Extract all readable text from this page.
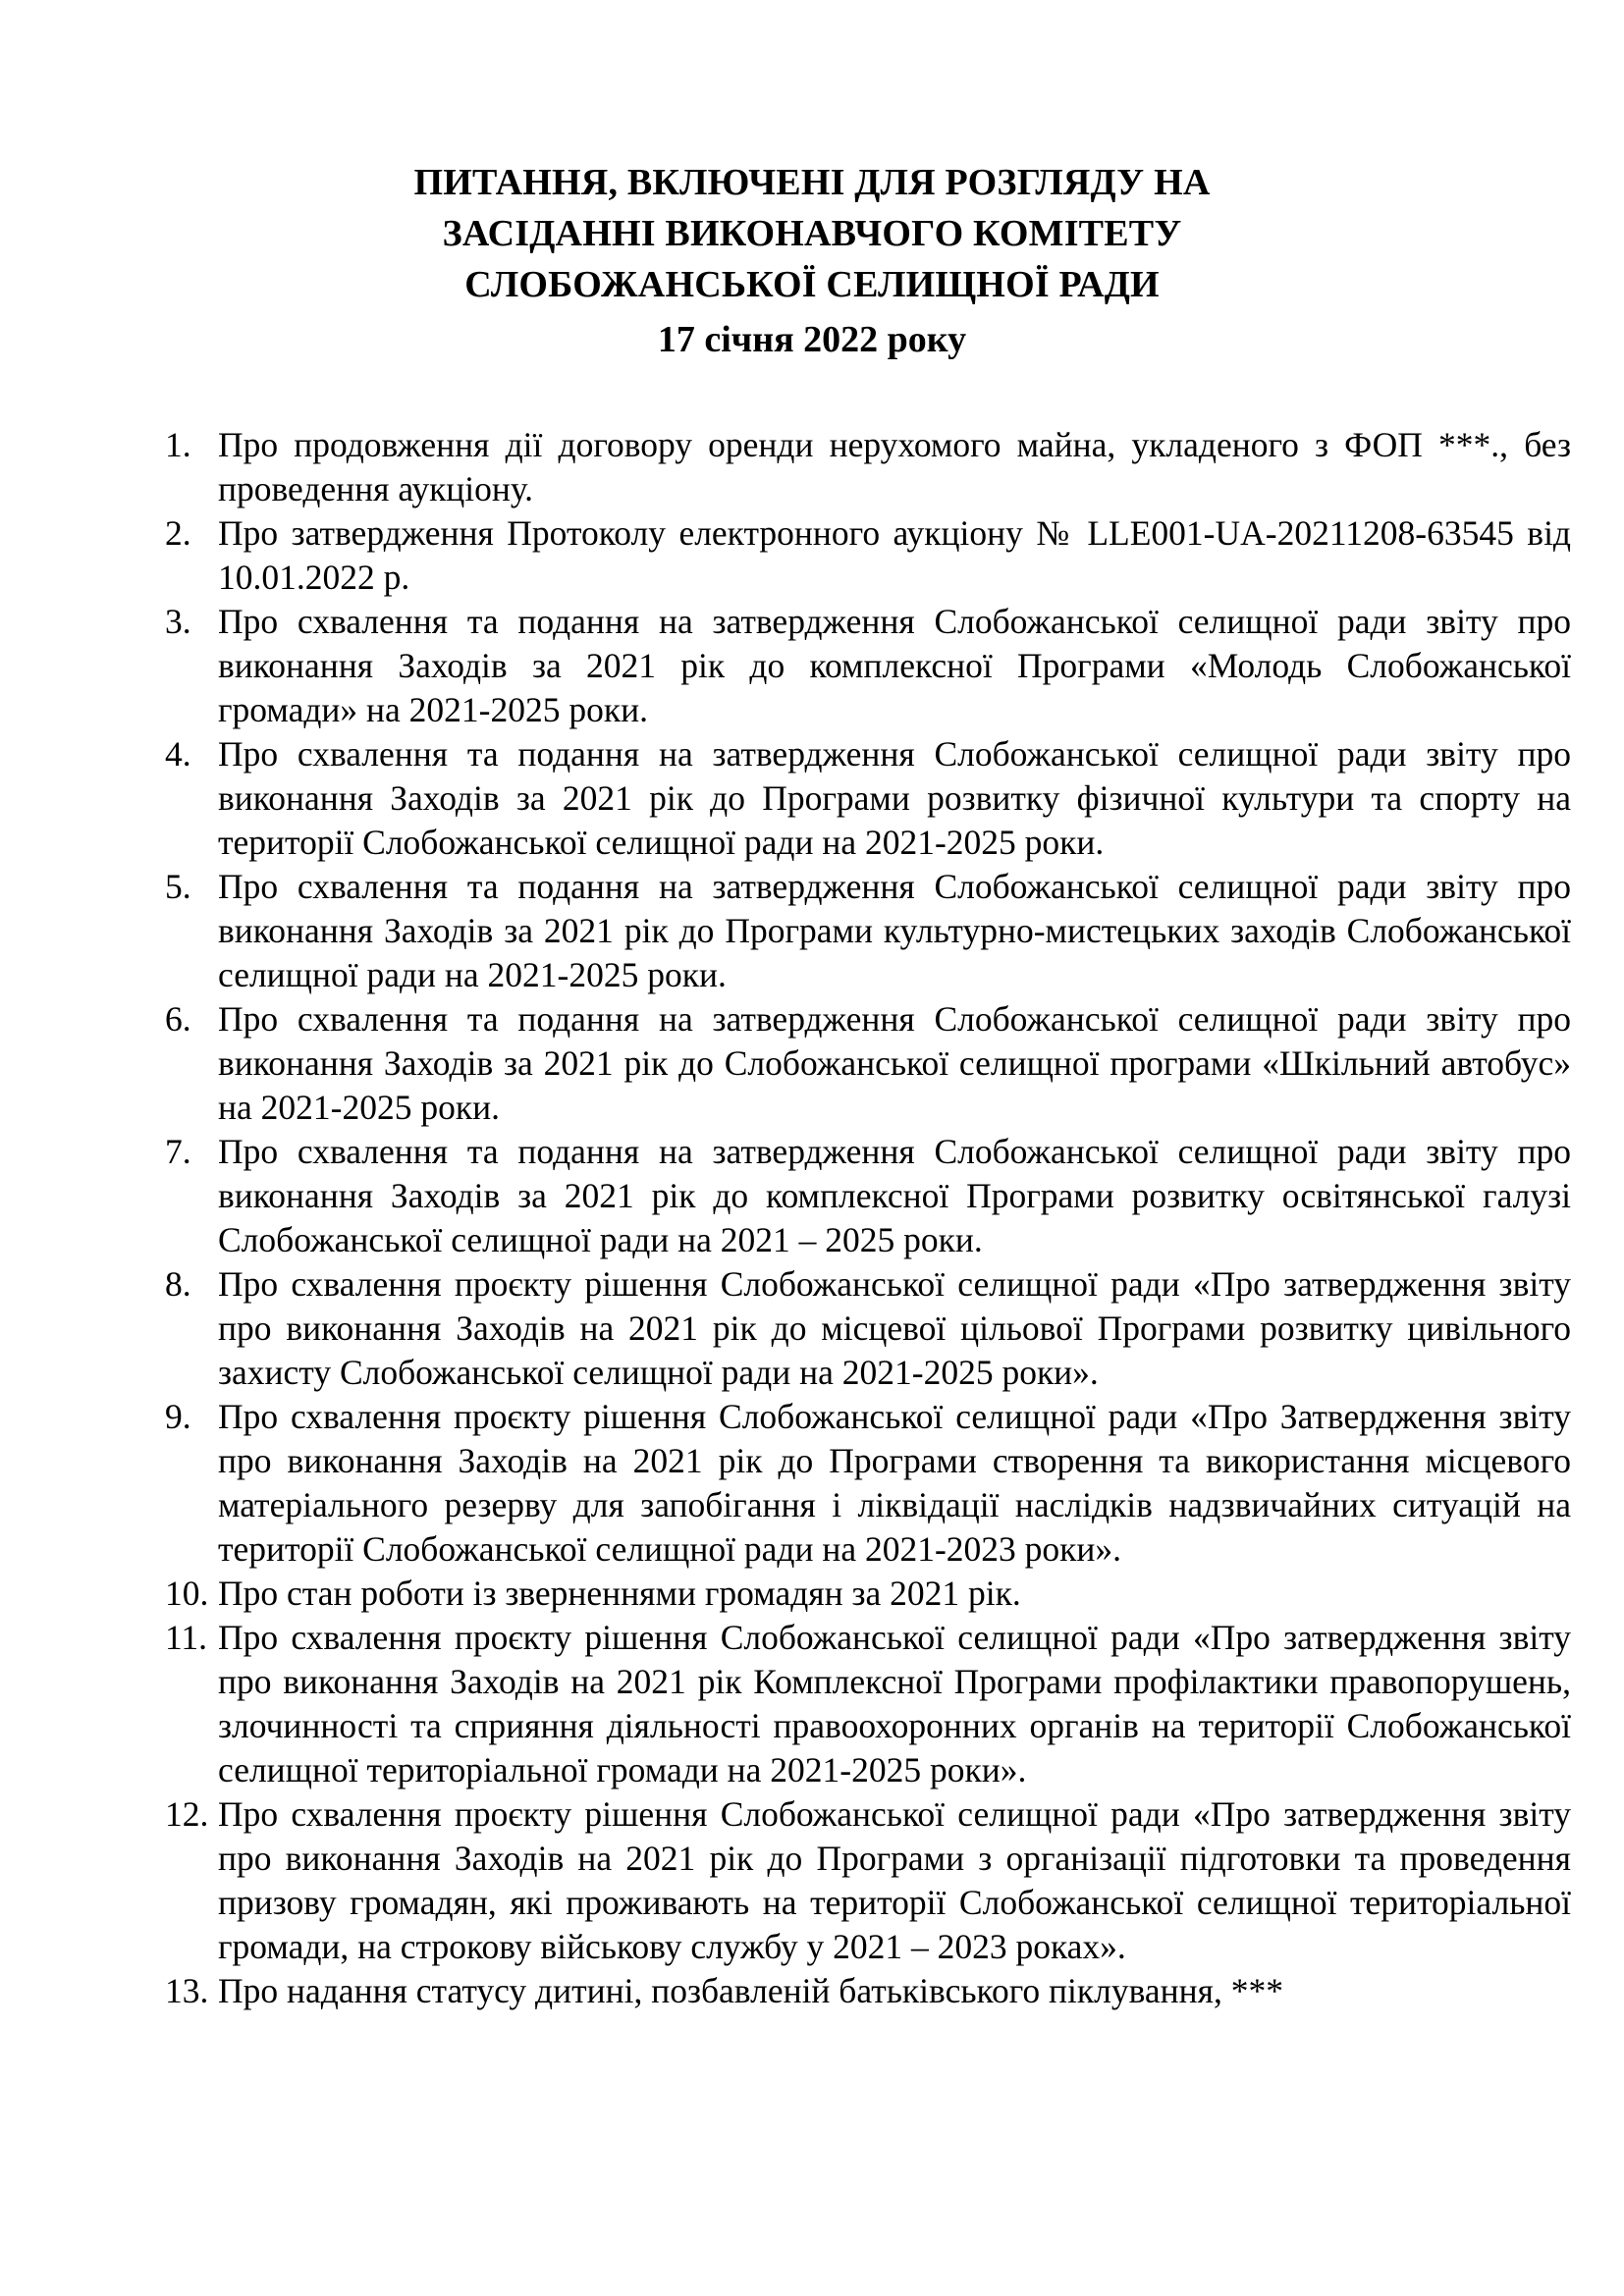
ПИТАННЯ, ВКЛЮЧЕНІ ДЛЯ РОЗГЛЯДУ НА
ЗАСІДАННІ ВИКОНАВЧОГО КОМІТЕТУ
СЛОБОЖАНСЬКОЇ СЕЛИЩНОЇ РАДИ
17 січня 2022 року
1. Про продовження дії договору оренди нерухомого майна, укладеного з ФОП ***., без проведення аукціону.
2. Про затвердження Протоколу електронного аукціону № LLE001-UA-20211208-63545 від 10.01.2022 р.
3. Про схвалення та подання на затвердження Слобожанської селищної ради звіту про виконання Заходів за 2021 рік до комплексної Програми «Молодь Слобожанської громади» на 2021-2025 роки.
4. Про схвалення та подання на затвердження Слобожанської селищної ради звіту про виконання Заходів за 2021 рік до Програми розвитку фізичної культури та спорту на території Слобожанської селищної ради на 2021-2025 роки.
5. Про схвалення та подання на затвердження Слобожанської селищної ради звіту про виконання Заходів за 2021 рік до Програми культурно-мистецьких заходів Слобожанської селищної ради на 2021-2025 роки.
6. Про схвалення та подання на затвердження Слобожанської селищної ради звіту про виконання Заходів за 2021 рік до Слобожанської селищної програми «Шкільний автобус» на 2021-2025 роки.
7. Про схвалення та подання на затвердження Слобожанської селищної ради звіту про виконання Заходів за 2021 рік до комплексної Програми розвитку освітянської галузі Слобожанської селищної ради на 2021 – 2025 роки.
8. Про схвалення проєкту рішення Слобожанської селищної ради «Про затвердження звіту про виконання Заходів на 2021 рік до місцевої цільової Програми розвитку цивільного захисту Слобожанської селищної ради на 2021-2025 роки».
9. Про схвалення проєкту рішення Слобожанської селищної ради «Про Затвердження звіту про виконання Заходів на 2021 рік до Програми створення та використання місцевого матеріального резерву для запобігання і ліквідації наслідків надзвичайних ситуацій на території Слобожанської селищної ради на 2021-2023 роки».
10. Про стан роботи із зверненнями громадян за 2021 рік.
11. Про схвалення проєкту рішення Слобожанської селищної ради «Про затвердження звіту про виконання Заходів на 2021 рік Комплексної Програми профілактики правопорушень, злочинності та сприяння діяльності правоохоронних органів на території Слобожанської селищної територіальної громади на 2021-2025 роки».
12. Про схвалення проєкту рішення Слобожанської селищної ради «Про затвердження звіту про виконання Заходів на 2021 рік до Програми з організації підготовки та проведення призову громадян, які проживають на території Слобожанської селищної територіальної громади, на строкову військову службу у 2021 – 2023 роках».
13. Про надання статусу дитині, позбавленій батьківського піклування, ***
